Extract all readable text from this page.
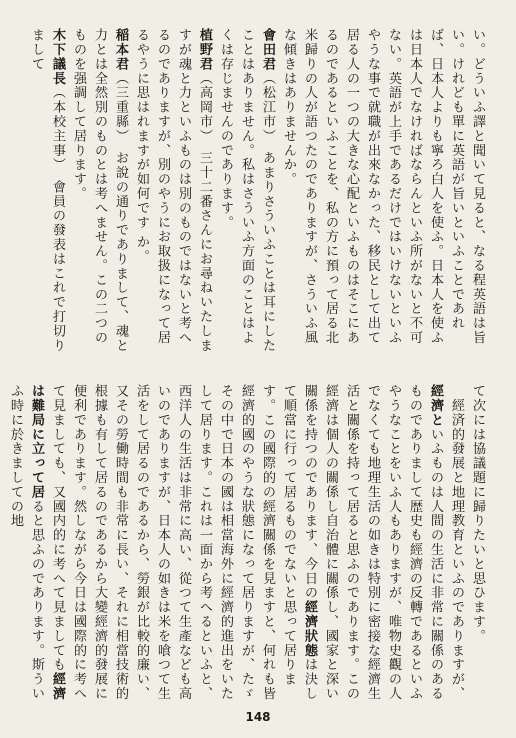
い。どういふ譯と聞いて見ると、なる程英語は旨い。けれども單に英語が旨いといふことであれば、日本人よりも寧ろ白人を使ふ。日本人を使ふは日本人でなければならんといふ所がないと不可ない。英語が上手であるだけではいけないといふやうな事で就職が出來なかった、移民として出て居る人の一つの大きな心配といふものはそこにあるのであるといふことを、私の方に預って居る北米歸りの人が語つたのでありますが、さういふ風な傾きはありませんか。

會田君（松江市）　あまりさういふことは耳にしたことはありません。私はさういふ方面のことはよくは存じませんのであります。

植野君（高岡市）　三十二番さんにお尋ねいたしますが魂と力といふものは別のものではないと考へるのでありますが、別のやうにお取扱になって居るやうに思はれますが如何です か。

稲本君（三重縣）　お說の通りでありまして、魂と力とは全然別のものとは考へません。この二つのものを强調して居ります。

木下議長（本校主事）　會員の發表はこれで打切りまして

て次には協議題に歸りたいと思ひます。

　經済的發展と地理教育といふのでありますが、經濟といふものは人間の生活に非常に關係のあるものでありまして歴史も經濟の反轉であるといふやうなことをいふ人もありますが、唯物史觀の人でなくても地理生活の如きは特別に密接な經濟生活と關係を持って居ると思ふのであります。この經濟は個人の關係し自治體に關係し、國家と深い關係を持つのであります、今日の經濟狀態は決して順當に行って居るものでないと思って居ります。この國際的の經濟關係を見ますと、何れも皆經濟的國のやうな狀態になって居りますが、たゞその中で日本の國は相當海外に經濟的進出をいたして居ります。これは一面から考へるといふと、西洋人の生活は非常に高い、從つて生產なども高いのでありますが、日本人の如きは米を喰つて生活をして居るのであるから、勞銀が比較的廉い、又その勞働時間も非常に長い、それに相當技術的根據も有して居るのであるから大變經濟的發展に便利であります。然しながら今日は國際的に考へて見ましても、又國内的に考へて見ましても經濟は難局に立って居ると思ふのであります。斯ういふ時に於きましての地

148
